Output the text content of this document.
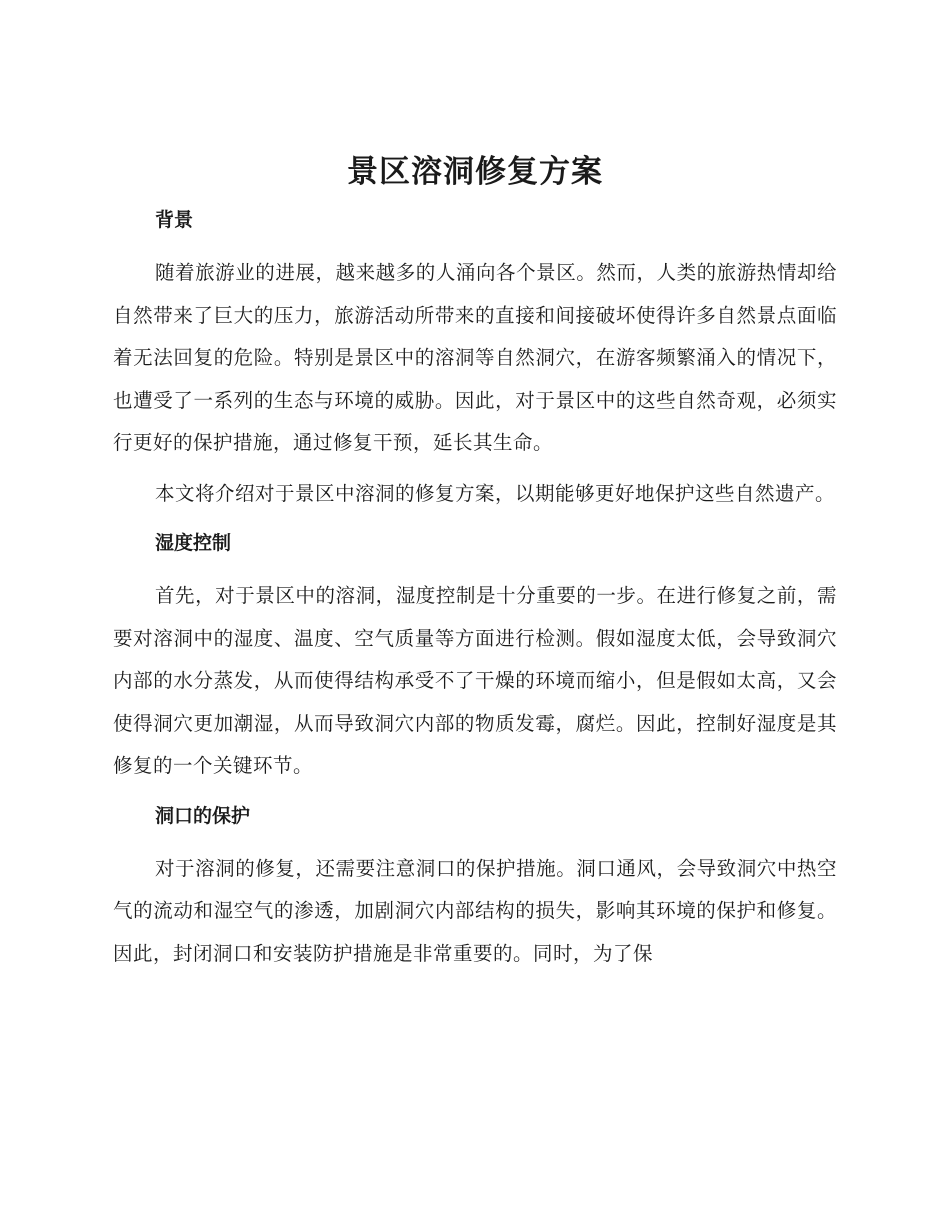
景区溶洞修复方案
背景

随着旅游业的进展，越来越多的人涌向各个景区。然而，人类的旅游热情却给自然带来了巨大的压力，旅游活动所带来的直接和间接破坏使得许多自然景点面临着无法回复的危险。特别是景区中的溶洞等自然洞穴，在游客频繁涌入的情况下，也遭受了一系列的生态与环境的威胁。因此，对于景区中的这些自然奇观，必须实行更好的保护措施，通过修复干预，延长其生命。

本文将介绍对于景区中溶洞的修复方案，以期能够更好地保护这些自然遗产。

湿度控制

首先，对于景区中的溶洞，湿度控制是十分重要的一步。在进行修复之前，需要对溶洞中的湿度、温度、空气质量等方面进行检测。假如湿度太低，会导致洞穴内部的水分蒸发，从而使得结构承受不了干燥的环境而缩小，但是假如太高，又会使得洞穴更加潮湿，从而导致洞穴内部的物质发霉，腐烂。因此，控制好湿度是其修复的一个关键环节。

洞口的保护

对于溶洞的修复，还需要注意洞口的保护措施。洞口通风，会导致洞穴中热空气的流动和湿空气的渗透，加剧洞穴内部结构的损失，影响其环境的保护和修复。因此，封闭洞口和安装防护措施是非常重要的。同时，为了保
